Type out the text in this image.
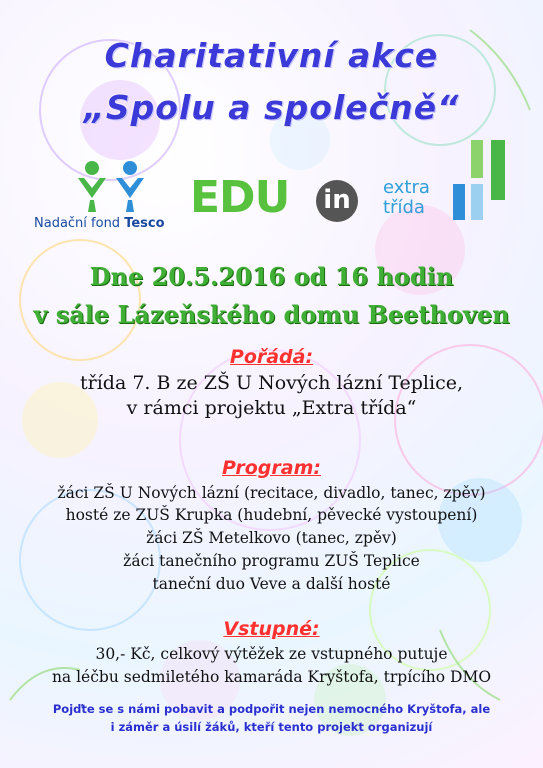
Charitativní akce
„Spolu a společně“
Nadační fond Tesco
EDU in	extra
třída
Dne 20.5.2016 od 16 hodin
v sále Lázeňského domu Beethoven
Pořádá:
třída 7. B ze ZŠ U Nových lázní Teplice,
v rámci projektu „Extra třída“
Program:
žáci ZŠ U Nových lázní (recitace, divadlo, tanec, zpěv)
hosté ze ZUŠ Krupka (hudební, pěvecké vystoupení)
žáci ZŠ Metelkovo (tanec, zpěv)
žáci tanečního programu ZUŠ Teplice
taneční duo Veve a další hosté
Vstupné:
30,- Kč, celkový výtěžek ze vstupného putuje
na léčbu sedmiletého kamaráda Kryštofa, trpícího DMO
Pojďte se s námi pobavit a podpořit nejen nemocného Kryštofa, ale
i záměr a úsilí žáků, kteří tento projekt organizují
